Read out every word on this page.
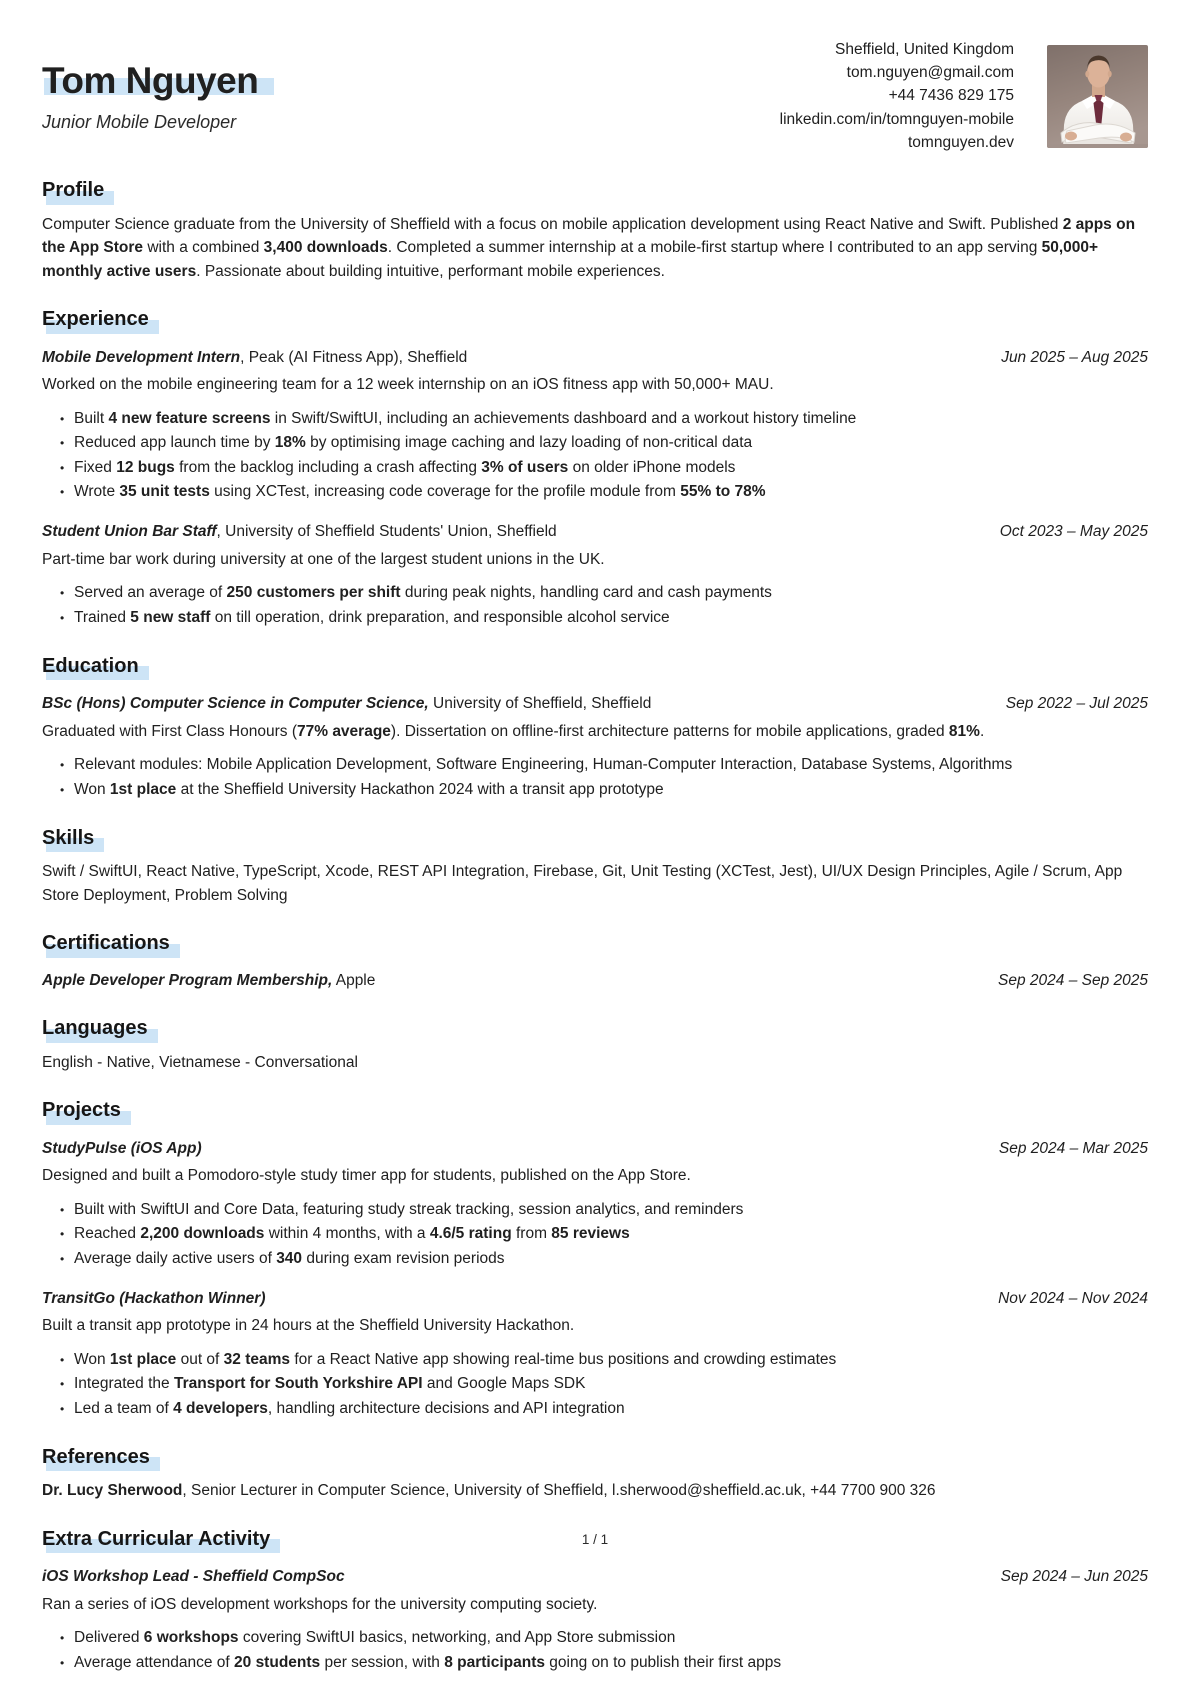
Tom Nguyen
Junior Mobile Developer
Sheffield, United Kingdom
tom.nguyen@gmail.com
+44 7436 829 175
linkedin.com/in/tomnguyen-mobile
tomnguyen.dev
Profile

Computer Science graduate from the University of Sheffield with a focus on mobile application development using React Native and Swift. Published 2 apps on the App Store with a combined 3,400 downloads. Completed a summer internship at a mobile-first startup where I contributed to an app serving 50,000+ monthly active users. Passionate about building intuitive, performant mobile experiences.

Experience
Mobile Development Intern, Peak (AI Fitness App), Sheffield	Jun 2025 – Aug 2025
Worked on the mobile engineering team for a 12 week internship on an iOS fitness app with 50,000+ MAU.
• Built 4 new feature screens in Swift/SwiftUI, including an achievements dashboard and a workout history timeline
• Reduced app launch time by 18% by optimising image caching and lazy loading of non-critical data
• Fixed 12 bugs from the backlog including a crash affecting 3% of users on older iPhone models
• Wrote 35 unit tests using XCTest, increasing code coverage for the profile module from 55% to 78%
Student Union Bar Staff, University of Sheffield Students' Union, Sheffield	Oct 2023 – May 2025
Part-time bar work during university at one of the largest student unions in the UK.
• Served an average of 250 customers per shift during peak nights, handling card and cash payments
• Trained 5 new staff on till operation, drink preparation, and responsible alcohol service
Education
BSc (Hons) Computer Science in Computer Science, University of Sheffield, Sheffield	Sep 2022 – Jul 2025
Graduated with First Class Honours (77% average). Dissertation on offline-first architecture patterns for mobile applications, graded 81%.
• Relevant modules: Mobile Application Development, Software Engineering, Human-Computer Interaction, Database Systems, Algorithms
• Won 1st place at the Sheffield University Hackathon 2024 with a transit app prototype
Skills

Swift / SwiftUI, React Native, TypeScript, Xcode, REST API Integration, Firebase, Git, Unit Testing (XCTest, Jest), UI/UX Design Principles, Agile / Scrum, App Store Deployment, Problem Solving

Certifications
Apple Developer Program Membership, Apple	Sep 2024 – Sep 2025
Languages

English - Native, Vietnamese - Conversational

Projects
StudyPulse (iOS App)	Sep 2024 – Mar 2025
Designed and built a Pomodoro-style study timer app for students, published on the App Store.
• Built with SwiftUI and Core Data, featuring study streak tracking, session analytics, and reminders
• Reached 2,200 downloads within 4 months, with a 4.6/5 rating from 85 reviews
• Average daily active users of 340 during exam revision periods
TransitGo (Hackathon Winner)	Nov 2024 – Nov 2024
Built a transit app prototype in 24 hours at the Sheffield University Hackathon.
• Won 1st place out of 32 teams for a React Native app showing real-time bus positions and crowding estimates
• Integrated the Transport for South Yorkshire API and Google Maps SDK
• Led a team of 4 developers, handling architecture decisions and API integration
References

Dr. Lucy Sherwood, Senior Lecturer in Computer Science, University of Sheffield, l.sherwood@sheffield.ac.uk, +44 7700 900 326

Extra Curricular Activity
iOS Workshop Lead - Sheffield CompSoc	Sep 2024 – Jun 2025
Ran a series of iOS development workshops for the university computing society.
• Delivered 6 workshops covering SwiftUI basics, networking, and App Store submission
• Average attendance of 20 students per session, with 8 participants going on to publish their first apps
1 / 1
